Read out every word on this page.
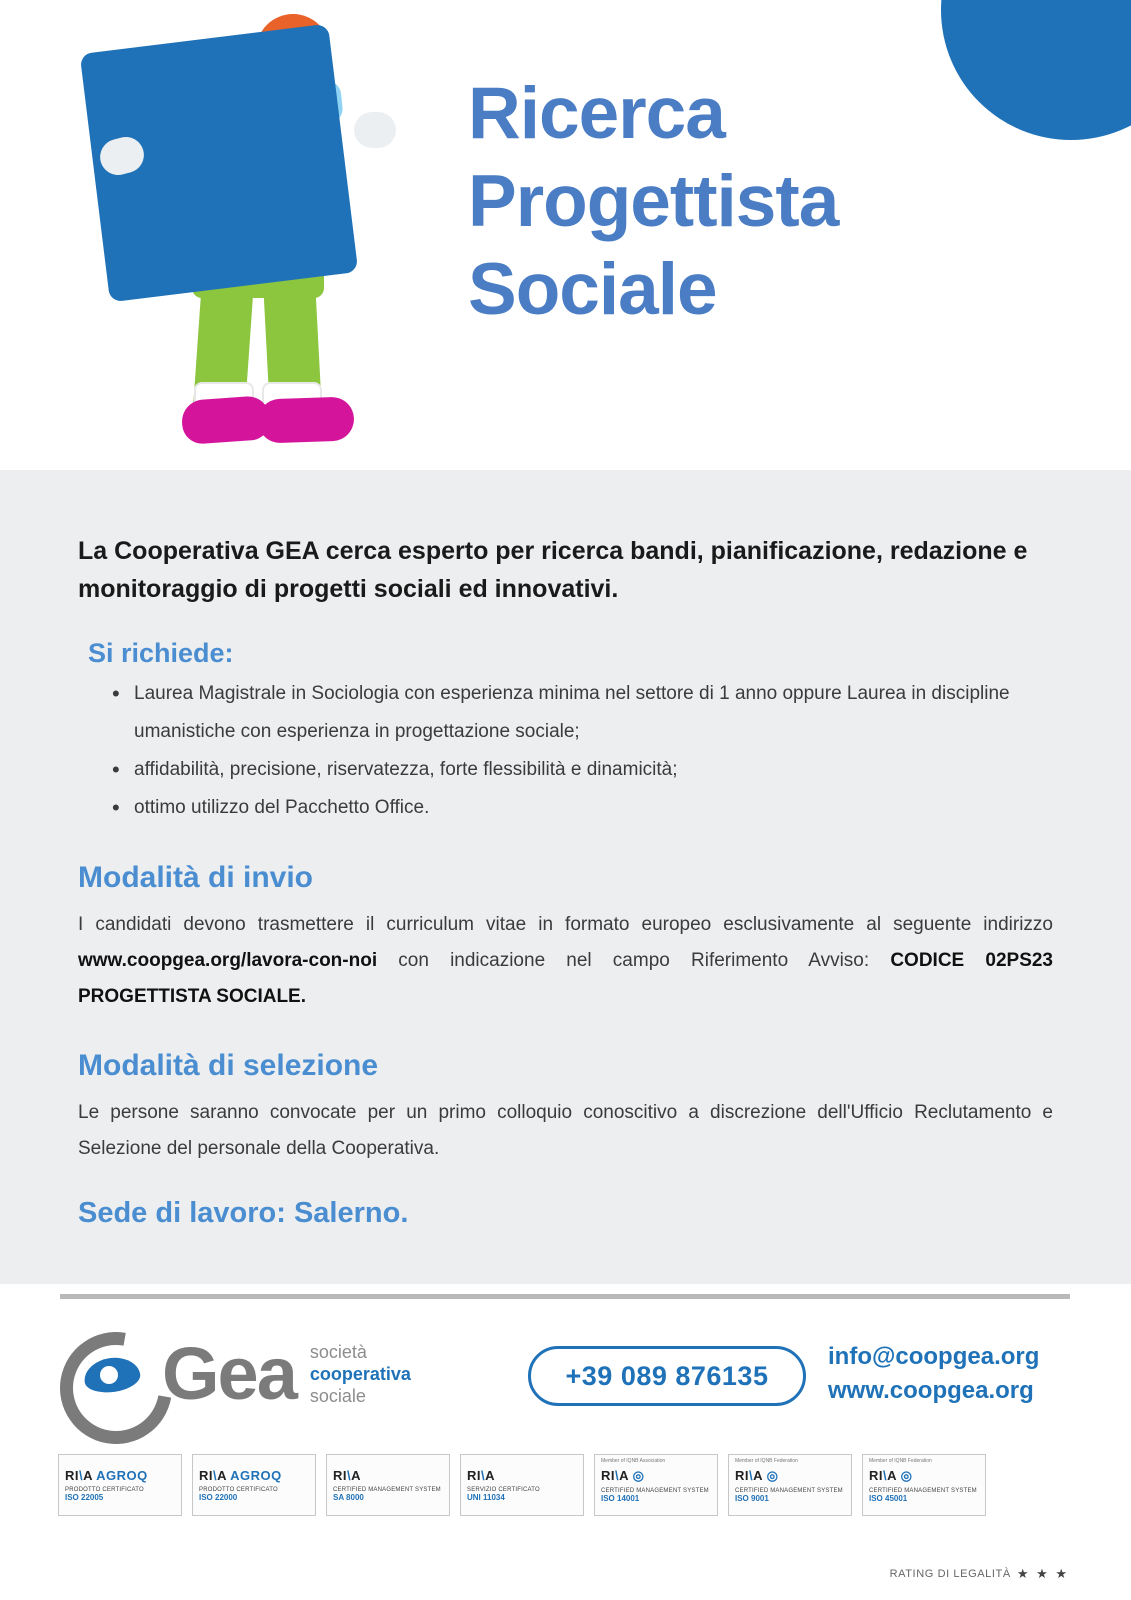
Ricerca
Progettista
Sociale
La Cooperativa GEA cerca esperto per ricerca bandi, pianificazione, redazione e monitoraggio di progetti sociali ed innovativi.
Si richiede:
• Laurea Magistrale in Sociologia con esperienza minima nel settore di 1 anno oppure Laurea in discipline umanistiche con esperienza in progettazione sociale;
• affidabilità, precisione, riservatezza, forte flessibilità e dinamicità;
• ottimo utilizzo del Pacchetto Office.
Modalità di invio

I candidati devono trasmettere il curriculum vitae in formato europeo esclusivamente al seguente indirizzo www.coopgea.org/lavora-con-noi con indicazione nel campo Riferimento Avviso: CODICE 02PS23 PROGETTISTA SOCIALE.

Modalità di selezione

Le persone saranno convocate per un primo colloquio conoscitivo a discrezione dell'Ufficio Reclutamento e Selezione del personale della Cooperativa.

Sede di lavoro: Salerno.
Gea società
cooperativa
sociale
+39 089 876135
info@coopgea.org
www.coopgea.org
RI\A AGROQ
PRODOTTO CERTIFICATO
ISO 22005
RI\A AGROQ
PRODOTTO CERTIFICATO
ISO 22000
RI\A
CERTIFIED MANAGEMENT SYSTEM
SA 8000
RI\A
SERVIZIO CERTIFICATO
UNI 11034
Member of IQNB Association
RI\A ◎
CERTIFIED MANAGEMENT SYSTEM
ISO 14001
Member of IQNB Federation
RI\A ◎
CERTIFIED MANAGEMENT SYSTEM
ISO 9001
Member of IQNB Federation
RI\A ◎
CERTIFIED MANAGEMENT SYSTEM
ISO 45001
RATING DI LEGALITÀ ★ ★ ★
